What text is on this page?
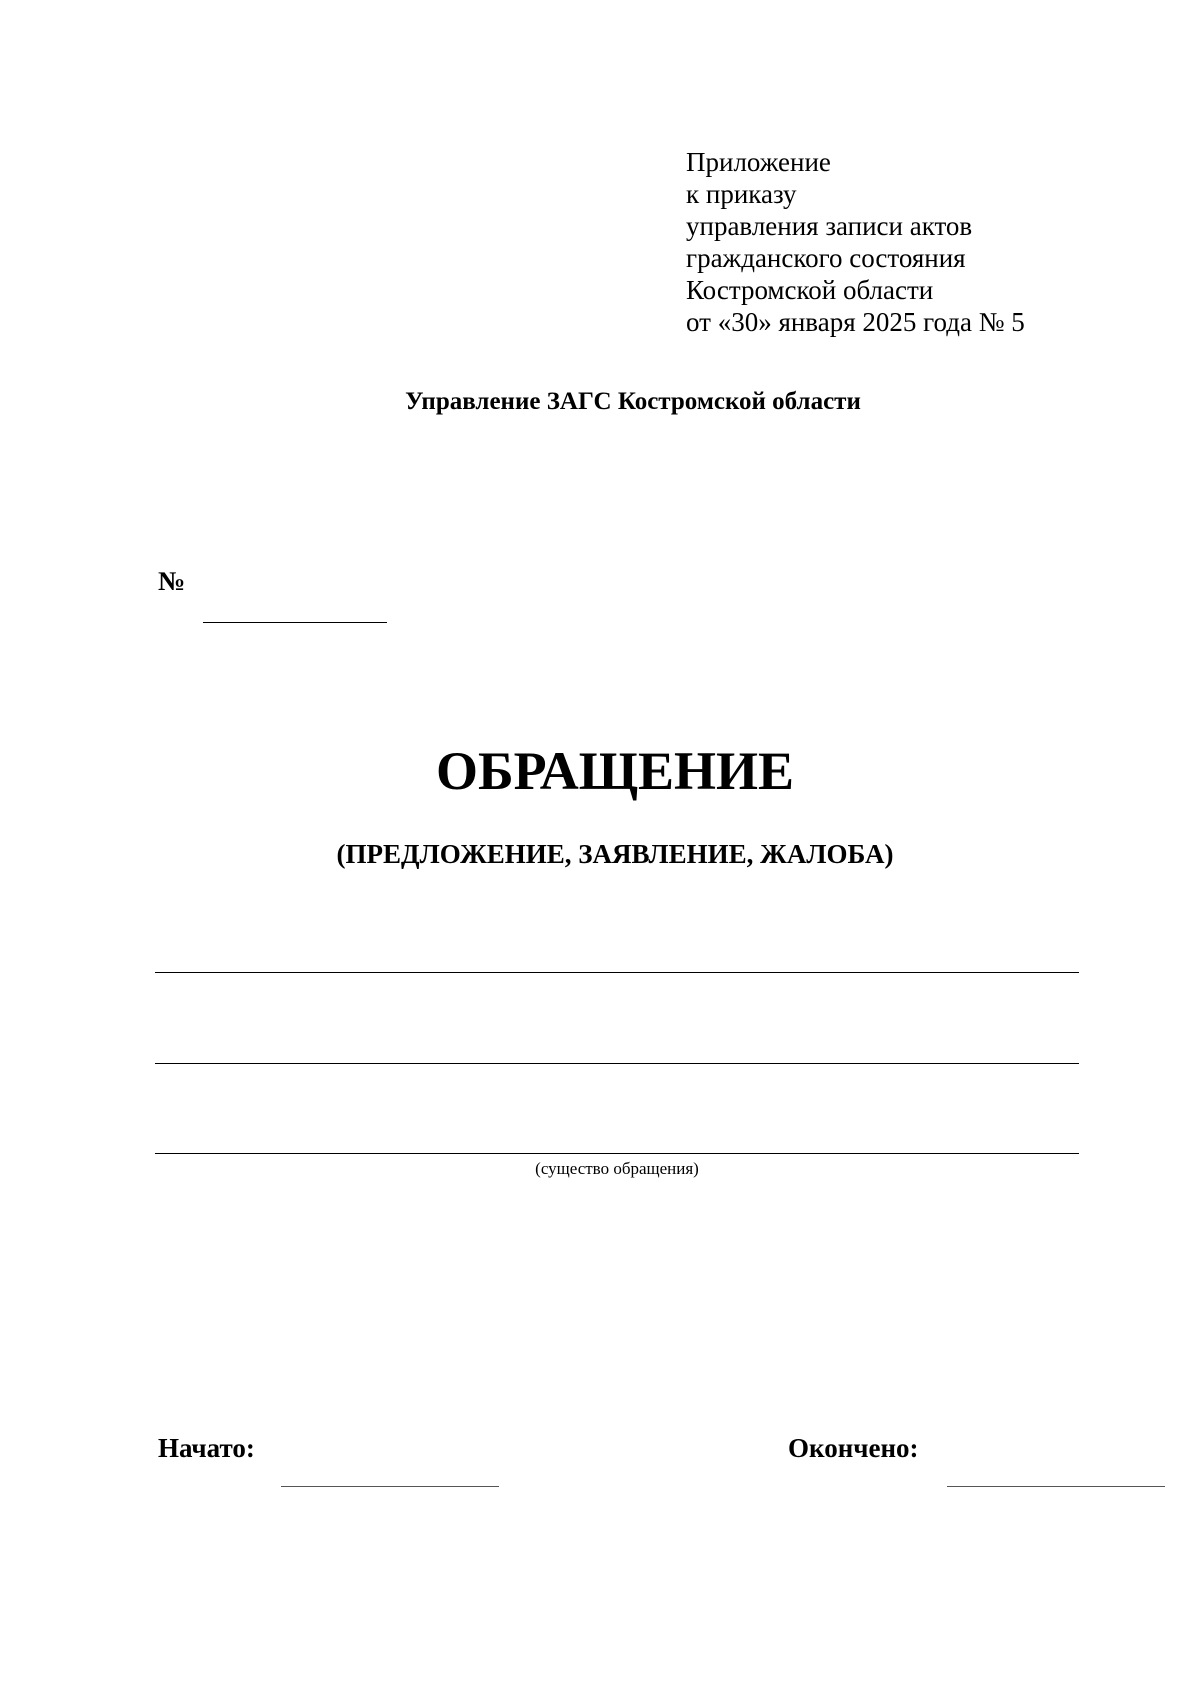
Приложение
к приказу
управления записи актов
гражданского состояния
Костромской области
от «30» января 2025 года № 5
Управление ЗАГС Костромской области
№
ОБРАЩЕНИЕ
(ПРЕДЛОЖЕНИЕ, ЗАЯВЛЕНИЕ, ЖАЛОБА)
(существо обращения)
Начато:	Окончено:
